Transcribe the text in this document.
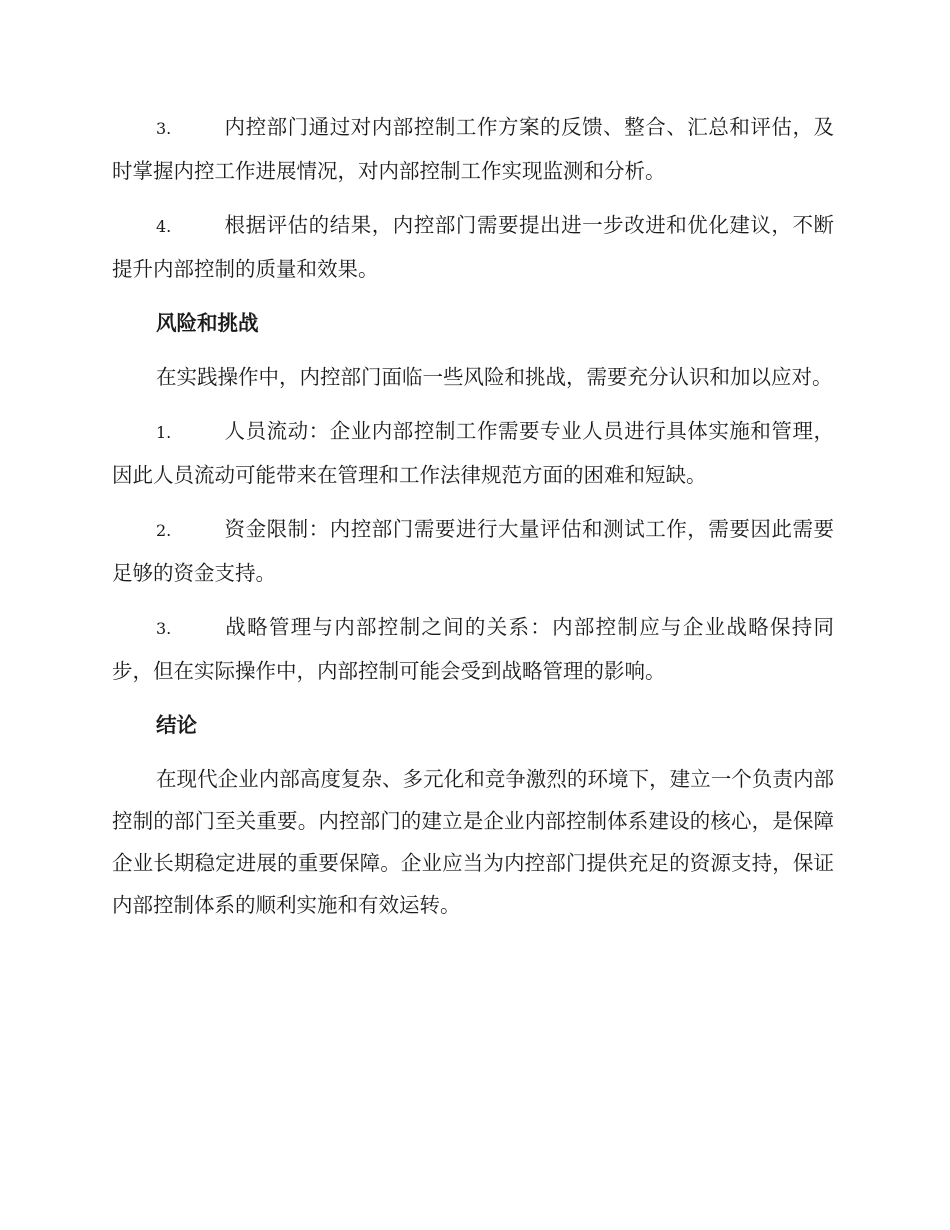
3.	内控部门通过对内部控制工作方案的反馈、整合、汇总和评估，及时掌握内控工作进展情况，对内部控制工作实现监测和分析。

4.	根据评估的结果，内控部门需要提出进一步改进和优化建议，不断提升内部控制的质量和效果。

风险和挑战

在实践操作中，内控部门面临一些风险和挑战，需要充分认识和加以应对。

1.	人员流动：企业内部控制工作需要专业人员进行具体实施和管理，因此人员流动可能带来在管理和工作法律规范方面的困难和短缺。

2.	资金限制：内控部门需要进行大量评估和测试工作，需要因此需要足够的资金支持。

3.	战略管理与内部控制之间的关系：内部控制应与企业战略保持同步，但在实际操作中，内部控制可能会受到战略管理的影响。

结论

在现代企业内部高度复杂、多元化和竞争激烈的环境下，建立一个负责内部控制的部门至关重要。内控部门的建立是企业内部控制体系建设的核心，是保障企业长期稳定进展的重要保障。企业应当为内控部门提供充足的资源支持，保证内部控制体系的顺利实施和有效运转。
